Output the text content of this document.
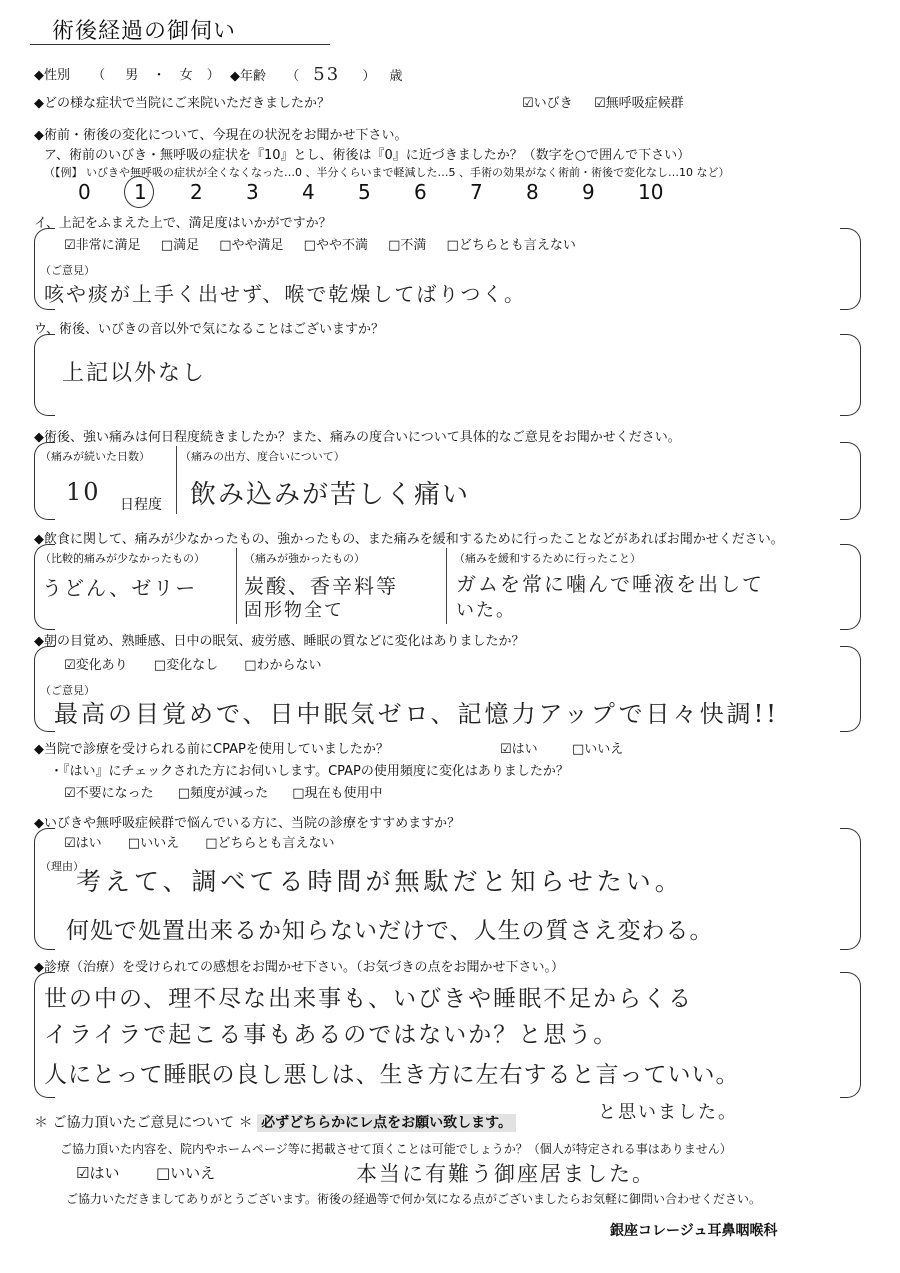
術後経過の御伺い
◆性別 （ 男 ・ 女 ） ◆年齢 （ 53 ） 歳
◆どの様な症状で当院にご来院いただきましたか？	☑いびき ☑無呼吸症候群
◆術前・術後の変化について、今現在の状況をお聞かせ下さい。
ア、術前のいびき・無呼吸の症状を『10』とし、術後は『0』に近づきましたか？（数字を○で囲んで下さい）
（【例】 いびきや無呼吸の症状が全くなくなった…0 、半分くらいまで軽減した…5 、手術の効果がなく術前・術後で変化なし…10 など）
0 1 2 3 4 5 6 7 8 9 10
イ、上記をふまえた上で、満足度はいかがですか？
☑非常に満足 □満足 □やや満足 □やや不満 □不満 □どちらとも言えない
（ご意見）
咳や痰が上手く出せず、喉で乾燥してばりつく。
ウ、術後、いびきの音以外で気になることはございますか？
上記以外なし
◆術後、強い痛みは何日程度続きましたか？また、痛みの度合いについて具体的なご意見をお聞かせください。
（痛みが続いた日数）
10 日程度
（痛みの出方、度合いについて）
飲み込みが苦しく痛い
◆飲食に関して、痛みが少なかったもの、強かったもの、また痛みを緩和するために行ったことなどがあればお聞かせください。
（比較的痛みが少なかったもの）
うどん、ゼリー
（痛みが強かったもの）
炭酸、香辛料等
固形物全て
（痛みを緩和するために行ったこと）
ガムを常に噛んで唾液を出して
いた。
◆朝の目覚め、熟睡感、日中の眠気、疲労感、睡眠の質などに変化はありましたか？
☑変化あり □変化なし □わからない
（ご意見）
最高の目覚めで、日中眠気ゼロ、記憶力アップで日々快調!!
◆当院で診療を受けられる前にCPAPを使用していましたか？	☑はい	□いいえ
・『はい』にチェックされた方にお伺いします。CPAPの使用頻度に変化はありましたか？
☑不要になった □頻度が減った □現在も使用中
◆いびきや無呼吸症候群で悩んでいる方に、当院の診療をすすめますか？
☑はい □いいえ □どちらとも言えない
（理由）
考えて、調べてる時間が無駄だと知らせたい。
何処で処置出来るか知らないだけで、人生の質さえ変わる。
◆診療（治療）を受けられての感想をお聞かせ下さい。（お気づきの点をお聞かせ下さい。）
世の中の、理不尽な出来事も、いびきや睡眠不足からくる
イライラで起こる事もあるのではないか？と思う。
人にとって睡眠の良し悪しは、生き方に左右すると言っていい。
と思いました。
＊ ご協力頂いたご意見について ＊ 必ずどちらかにレ点をお願い致します。
ご協力頂いた内容を、院内やホームページ等に掲載させて頂くことは可能でしょうか？（個人が特定される事はありません）
☑はい □いいえ	本当に有難う御座居ました。
ご協力いただきましてありがとうございます。術後の経過等で何か気になる点がございましたらお気軽に御問い合わせください。
銀座コレージュ耳鼻咽喉科
